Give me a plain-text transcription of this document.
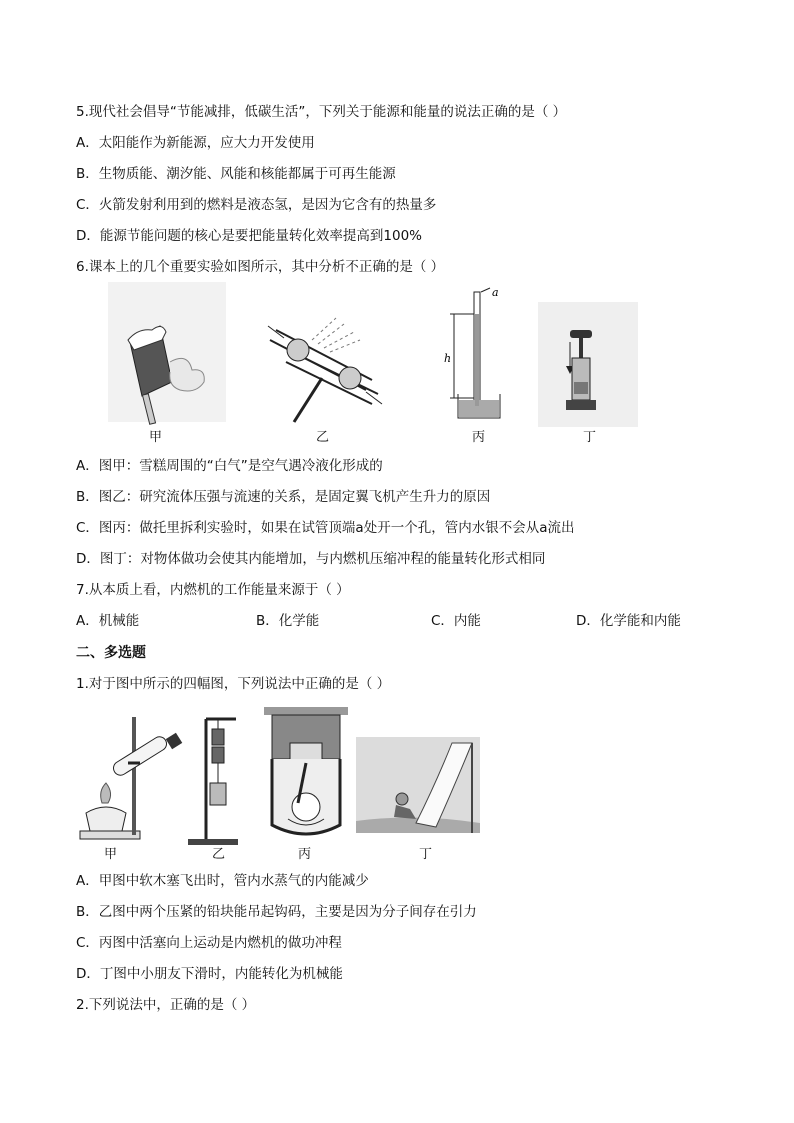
5.现代社会倡导“节能减排，低碳生活”，下列关于能源和能量的说法正确的是（ ）
A．太阳能作为新能源，应大力开发使用
B．生物质能、潮汐能、风能和核能都属于可再生能源
C．火箭发射利用到的燃料是液态氢，是因为它含有的热量多
D．能源节能问题的核心是要把能量转化效率提高到100%
6.课本上的几个重要实验如图所示，其中分析不正确的是（ ）
a
h
甲	乙	丙	丁
A．图甲：雪糕周围的“白气”是空气遇冷液化形成的
B．图乙：研究流体压强与流速的关系，是固定翼飞机产生升力的原因
C．图丙：做托里拆利实验时，如果在试管顶端a处开一个孔，管内水银不会从a流出
D．图丁：对物体做功会使其内能增加，与内燃机压缩冲程的能量转化形式相同
7.从本质上看，内燃机的工作能量来源于（ ）
A．机械能	B．化学能	C．内能	D．化学能和内能
二、多选题
1.对于图中所示的四幅图，下列说法中正确的是（ ）
甲	乙	丙	丁
A．甲图中软木塞飞出时，管内水蒸气的内能减少
B．乙图中两个压紧的铅块能吊起钩码，主要是因为分子间存在引力
C．丙图中活塞向上运动是内燃机的做功冲程
D．丁图中小朋友下滑时，内能转化为机械能
2.下列说法中，正确的是（ ）
